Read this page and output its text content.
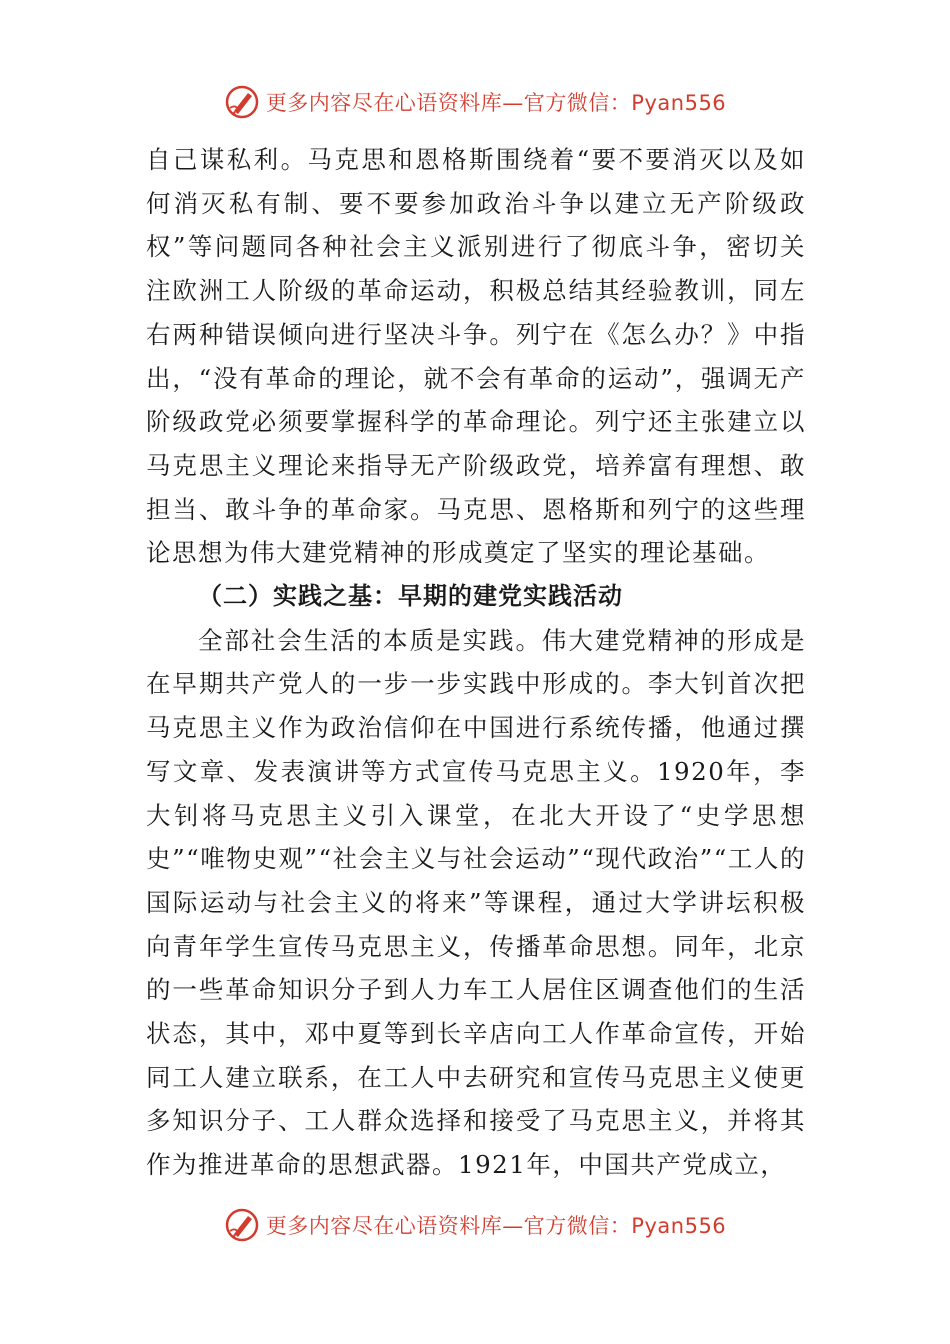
更多内容尽在心语资料库—官方微信：Pyan556

自己谋私利。马克思和恩格斯围绕着“要不要消灭以及如何消灭私有制、要不要参加政治斗争以建立无产阶级政权”等问题同各种社会主义派别进行了彻底斗争，密切关注欧洲工人阶级的革命运动，积极总结其经验教训，同左右两种错误倾向进行坚决斗争。列宁在《怎么办？》中指出，“没有革命的理论，就不会有革命的运动”，强调无产阶级政党必须要掌握科学的革命理论。列宁还主张建立以马克思主义理论来指导无产阶级政党，培养富有理想、敢担当、敢斗争的革命家。马克思、恩格斯和列宁的这些理论思想为伟大建党精神的形成奠定了坚实的理论基础。

（二）实践之基：早期的建党实践活动

全部社会生活的本质是实践。伟大建党精神的形成是在早期共产党人的一步一步实践中形成的。李大钊首次把马克思主义作为政治信仰在中国进行系统传播，他通过撰写文章、发表演讲等方式宣传马克思主义。1920年，李大钊将马克思主义引入课堂，在北大开设了“史学思想史”“唯物史观”“社会主义与社会运动”“现代政治”“工人的国际运动与社会主义的将来”等课程，通过大学讲坛积极向青年学生宣传马克思主义，传播革命思想。同年，北京的一些革命知识分子到人力车工人居住区调查他们的生活状态，其中，邓中夏等到长辛店向工人作革命宣传，开始同工人建立联系，在工人中去研究和宣传马克思主义使更多知识分子、工人群众选择和接受了马克思主义，并将其作为推进革命的思想武器。1921年，中国共产党成立，

更多内容尽在心语资料库—官方微信：Pyan556
